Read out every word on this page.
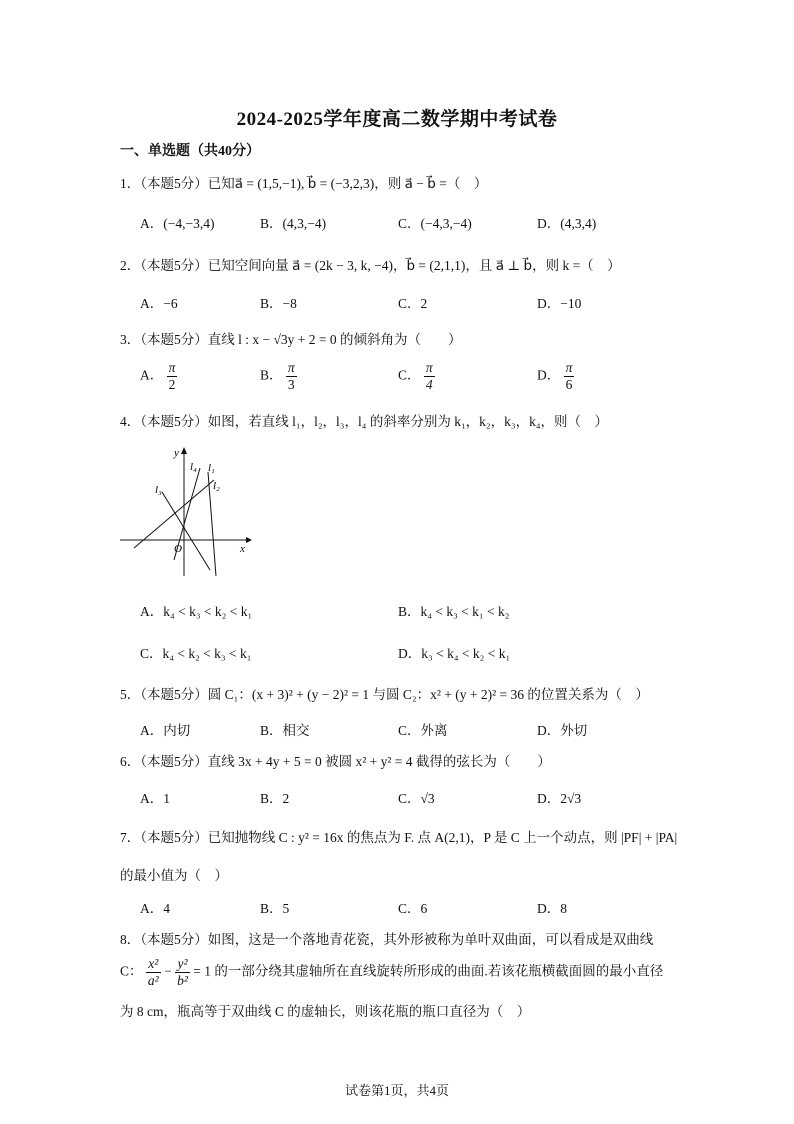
2024-2025学年度高二数学期中考试卷
一、单选题（共40分）
1．（本题5分）已知a⃗ = (1,5,−1), b⃗ = (−3,2,3)，则 a⃗ − b⃗ =（　）
A．(−4,−3,4)	B．(4,3,−4)	C．(−4,3,−4)	D．(4,3,4)
2．（本题5分）已知空间向量 a⃗ = (2k − 3, k, −4)，b⃗ = (2,1,1)，且 a⃗ ⊥ b⃗，则 k =（　）
A．−6	B．−8	C．2	D．−10
3．（本题5分）直线 l : x − √3y + 2 = 0 的倾斜角为（　　）
A． $\frac{\pi}{2}$	B． $\frac{\pi}{3}$	C． $\frac{\pi}{4}$	D． $\frac{\pi}{6}$
4．（本题5分）如图，若直线 l₁，l₂，l₃，l₄ 的斜率分别为 k₁，k₂，k₃，k₄，则（　）
y
x
O
l₁
l₂
l₃
l₄
A．k₄ < k₃ < k₂ < k₁	B．k₄ < k₃ < k₁ < k₂
C．k₄ < k₂ < k₃ < k₁	D．k₃ < k₄ < k₂ < k₁
5．（本题5分）圆 C₁：(x + 3)² + (y − 2)² = 1 与圆 C₂：x² + (y + 2)² = 36 的位置关系为（　）
A．内切	B．相交	C．外离	D．外切
6．（本题5分）直线 3x + 4y + 5 = 0 被圆 x² + y² = 4 截得的弦长为（　　）
A．1	B．2	C．√3	D．2√3
7．（本题5分）已知抛物线 C : y² = 16x 的焦点为 F. 点 A(2,1)，P 是 C 上一个动点，则 |PF| + |PA|
的最小值为（　）
A．4	B．5	C．6	D．8
8．（本题5分）如图，这是一个落地青花瓷，其外形被称为单叶双曲面，可以看成是双曲线
C： $\frac{\text{x²}}{\text{a²}} - \frac{\text{y²}}{\text{b²}} = 1$ 的一部分绕其虚轴所在直线旋转所形成的曲面.若该花瓶横截面圆的最小直径
为 8 cm，瓶高等于双曲线 C 的虚轴长，则该花瓶的瓶口直径为（　）
试卷第1页，共4页
